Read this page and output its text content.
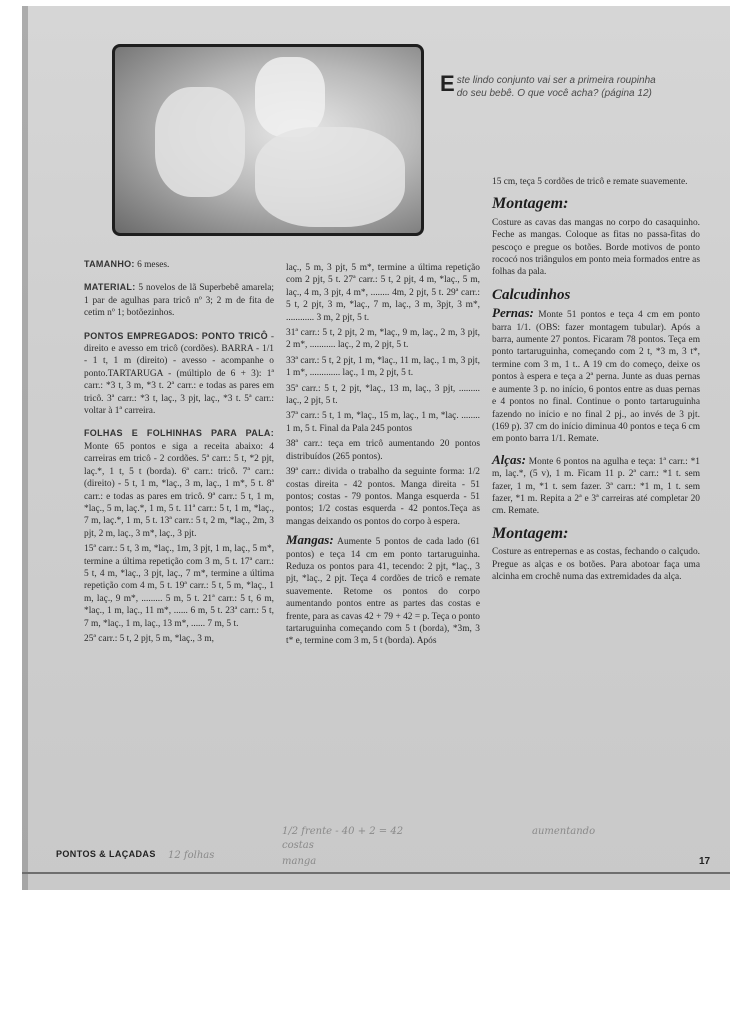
E ste lindo conjunto vai ser a primeira roupinha do seu bebê. O que você acha? (página 12)

TAMANHO: 6 meses.

MATERIAL: 5 novelos de lã Superbebê amarela; 1 par de agulhas para tricô nº 3; 2 m de fita de cetim nº 1; botõezinhos.

PONTOS EMPREGADOS: PONTO TRICÔ - direito e avesso em tricô (cordões). BARRA - 1/1 - 1 t, 1 m (direito) - avesso - acompanhe o ponto.TARTARUGA - (múltiplo de 6 + 3): 1ª carr.: *3 t, 3 m, *3 t. 2ª carr.: e todas as pares em tricô. 3ª carr.: *3 t, laç., 3 pjt, laç., *3 t. 5ª carr.: voltar à 1ª carreira.

FOLHAS E FOLHINHAS PARA PALA: Monte 65 pontos e siga a receita abaixo: 4 carreiras em tricô - 2 cordões. 5ª carr.: 5 t, *2 pjt, laç.*, 1 t, 5 t (borda). 6ª carr.: tricô. 7ª carr.: (direito) - 5 t, 1 m, *laç., 3 m, laç., 1 m*, 5 t. 8ª carr.: e todas as pares em tricô. 9ª carr.: 5 t, 1 m, *laç., 5 m, laç.*, 1 m, 5 t. 11ª carr.: 5 t, 1 m, *laç., 7 m, laç.*, 1 m, 5 t. 13ª carr.: 5 t, 2 m, *laç., 2m, 3 pjt, 2 m, laç., 3 m*, laç., 3 pjt.

15ª carr.: 5 t, 3 m, *laç., 1m, 3 pjt, 1 m, laç., 5 m*, termine a última repetição com 3 m, 5 t. 17ª carr.: 5 t, 4 m, *laç., 3 pjt, laç., 7 m*, termine a última repetição com 4 m, 5 t. 19ª carr.: 5 t, 5 m, *laç., 1 m, laç., 9 m*, ......... 5 m, 5 t. 21ª carr.: 5 t, 6 m, *laç., 1 m, laç., 11 m*, ...... 6 m, 5 t. 23ª carr.: 5 t, 7 m, *laç., 1 m, laç., 13 m*, ...... 7 m, 5 t.

25ª carr.: 5 t, 2 pjt, 5 m, *laç., 3 m,

laç., 5 m, 3 pjt, 5 m*, termine a última repetição com 2 pjt, 5 t. 27ª carr.: 5 t, 2 pjt, 4 m, *laç., 5 m, laç., 4 m, 3 pjt, 4 m*, ........ 4m, 2 pjt, 5 t. 29ª carr.: 5 t, 2 pjt, 3 m, *laç., 7 m, laç., 3 m, 3pjt, 3 m*, ............ 3 m, 2 pjt, 5 t.

31ª carr.: 5 t, 2 pjt, 2 m, *laç., 9 m, laç., 2 m, 3 pjt, 2 m*, ........... laç., 2 m, 2 pjt, 5 t.

33ª carr.: 5 t, 2 pjt, 1 m, *laç., 11 m, laç., 1 m, 3 pjt, 1 m*, ............. laç., 1 m, 2 pjt, 5 t.

35ª carr.: 5 t, 2 pjt, *laç., 13 m, laç., 3 pjt, ......... laç., 2 pjt, 5 t.

37ª carr.: 5 t, 1 m, *laç., 15 m, laç., 1 m, *laç. ........ 1 m, 5 t. Final da Pala 245 pontos

38ª carr.: teça em tricô aumentando 20 pontos distribuídos (265 pontos).

39ª carr.: divida o trabalho da seguinte forma: 1/2 costas direita - 42 pontos. Manga direita - 51 pontos; costas - 79 pontos. Manga esquerda - 51 pontos; 1/2 costas esquerda - 42 pontos.Teça as mangas deixando os pontos do corpo à espera.

Mangas: Aumente 5 pontos de cada lado (61 pontos) e teça 14 cm em ponto tartaruguinha. Reduza os pontos para 41, tecendo: 2 pjt, *laç., 3 pjt, *laç., 2 pjt. Teça 4 cordões de tricô e remate suavemente. Retome os pontos do corpo aumentando pontos entre as partes das costas e frente, para as cavas 42 + 79 + 42 = p. Teça o ponto tartaruguinha começando com 5 t (borda), *3m, 3 t* e, termine com 3 m, 5 t (borda). Após

15 cm, teça 5 cordões de tricô e remate suavemente.

Montagem:

Costure as cavas das mangas no corpo do casaquinho. Feche as mangas. Coloque as fitas no passa-fitas do pescoço e pregue os botões. Borde motivos de ponto rococó nos triângulos em ponto meia formados entre as folhas da pala.

Calcudinhos

Pernas: Monte 51 pontos e teça 4 cm em ponto barra 1/1. (OBS: fazer montagem tubular). Após a barra, aumente 27 pontos. Ficaram 78 pontos. Teça em ponto tartaruguinha, começando com 2 t, *3 m, 3 t*, termine com 3 m, 1 t.. A 19 cm do começo, deixe os pontos à espera e teça a 2ª perna. Junte as duas pernas e aumente 3 p. no início, 6 pontos entre as duas pernas e 4 pontos no final. Continue o ponto tartaruguinha fazendo no início e no final 2 pj., ao invés de 3 pjt. (169 p). 37 cm do início diminua 40 pontos e teça 6 cm em ponto barra 1/1. Remate.

Alças: Monte 6 pontos na agulha e teça: 1ª carr.: *1 m, laç.*, (5 v), 1 m. Ficam 11 p. 2ª carr.: *1 t. sem fazer, 1 m, *1 t. sem fazer. 3ª carr.: *1 m, 1 t. sem fazer, *1 m. Repita a 2ª e 3ª carreiras até completar 20 cm. Remate.

Montagem:

Costure as entrepernas e as costas, fechando o calçudo. Pregue as alças e os botões. Para abotoar faça uma alcinha em crochê numa das extremidades da alça.

1/2 frente - 40 + 2 = 42
costas
manga
aumentando
12 folhas
PONTOS & LAÇADAS
17
